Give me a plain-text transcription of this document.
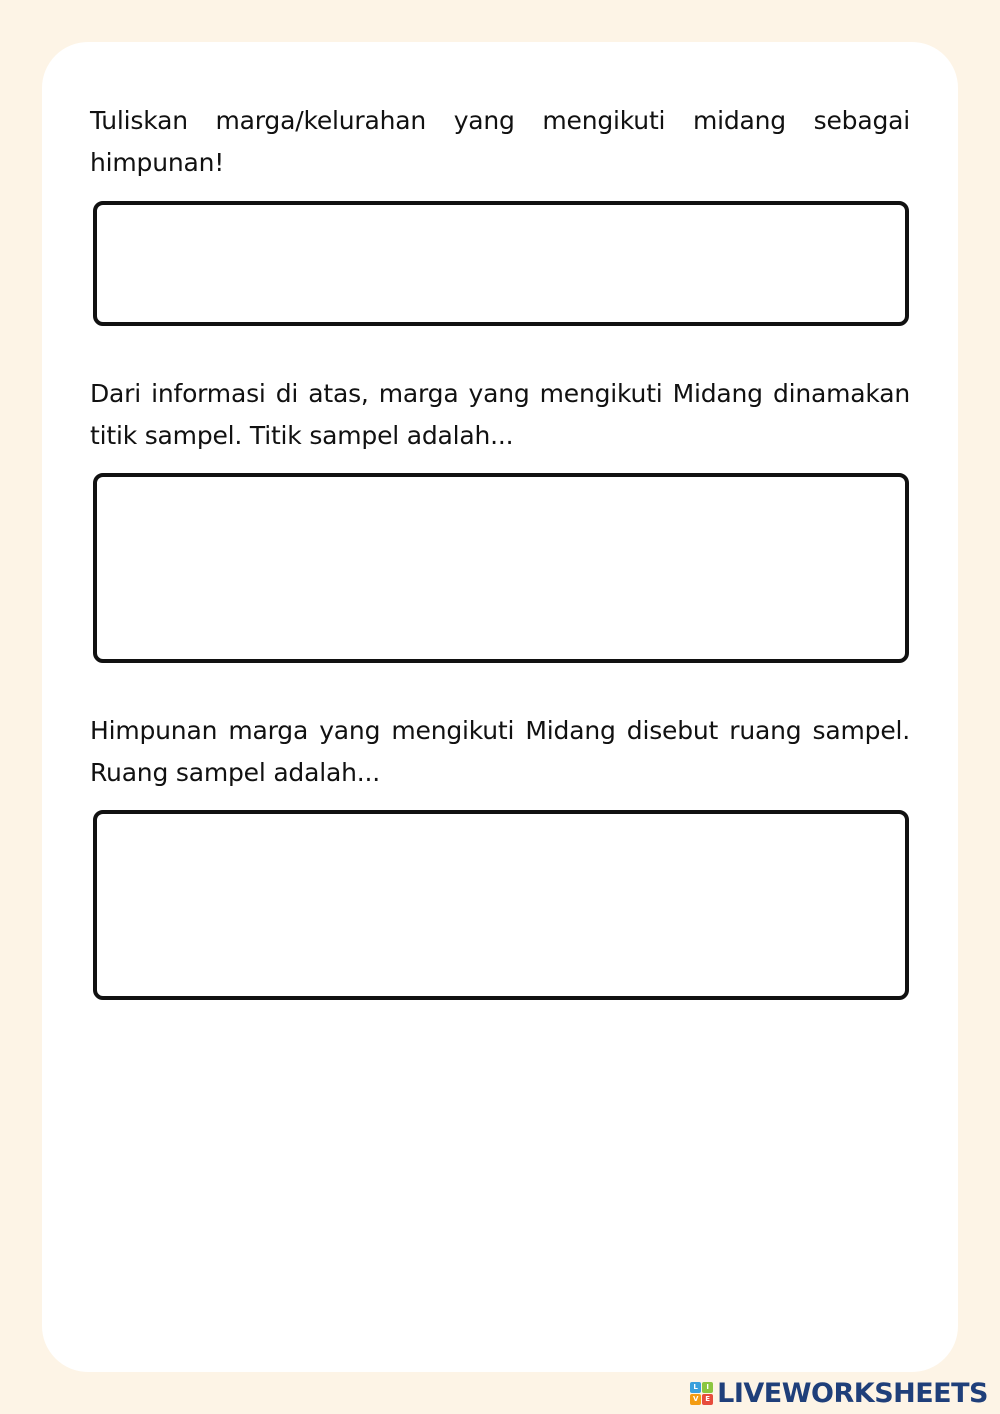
Tuliskan marga/kelurahan yang mengikuti midang sebagai himpunan!

Dari informasi di atas, marga yang mengikuti Midang dinamakan titik sampel. Titik sampel adalah...

Himpunan marga yang mengikuti Midang disebut ruang sampel. Ruang sampel adalah...

L	I
V E LIVEWORKSHEETS
